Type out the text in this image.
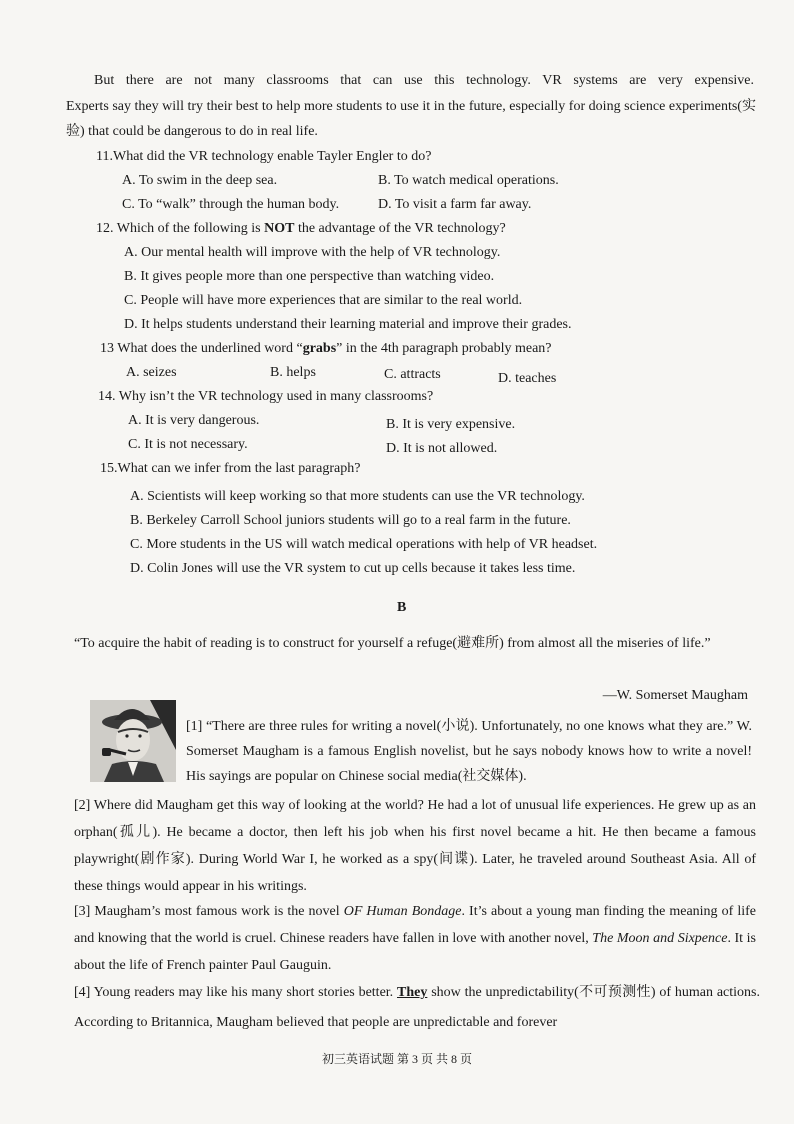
But there are not many classrooms that can use this technology. VR systems are very expensive.
Experts say they will try their best to help more students to use it in the future, especially for doing science experiments(实验) that could be dangerous to do in real life.
11.What did the VR technology enable Tayler Engler to do?
A. To swim in the deep sea.	B. To watch medical operations.
C. To “walk” through the human body.	D. To visit a farm far away.
12. Which of the following is NOT the advantage of the VR technology?
A. Our mental health will improve with the help of VR technology.
B. It gives people more than one perspective than watching video.
C. People will have more experiences that are similar to the real world.
D. It helps students understand their learning material and improve their grades.
13 What does the underlined word “grabs” in the 4th paragraph probably mean?
A. seizes	B. helps	C. attracts	D. teaches
14. Why isn’t the VR technology used in many classrooms?
A. It is very dangerous.	B. It is very expensive.
C. It is not necessary.	D. It is not allowed.
15.What can we infer from the last paragraph?
A. Scientists will keep working so that more students can use the VR technology.
B. Berkeley Carroll School juniors students will go to a real farm in the future.
C. More students in the US will watch medical operations with help of VR headset.
D. Colin Jones will use the VR system to cut up cells because it takes less time.
B
“To acquire the habit of reading is to construct for yourself a refuge(避难所) from almost all the miseries of life.”
—W. Somerset Maugham
[1] “There are three rules for writing a novel(小说). Unfortunately, no one knows what they are.” W. Somerset Maugham is a famous English novelist, but he says nobody knows how to write a novel! His sayings are popular on Chinese social media(社交媒体).
[2] Where did Maugham get this way of looking at the world? He had a lot of unusual life experiences. He grew up as an orphan(孤儿). He became a doctor, then left his job when his first novel became a hit. He then became a famous playwright(剧作家). During World War I, he worked as a spy(间谍). Later, he traveled around Southeast Asia. All of these things would appear in his writings.
[3] Maugham’s most famous work is the novel OF Human Bondage. It’s about a young man finding the meaning of life and knowing that the world is cruel. Chinese readers have fallen in love with another novel, The Moon and Sixpence. It is about the life of French painter Paul Gauguin.
[4] Young readers may like his many short stories better. They show the unpredictability(不可预测性) of human actions. According to Britannica, Maugham believed that people are unpredictable and forever
初三英语试题 第 3 页 共 8 页
